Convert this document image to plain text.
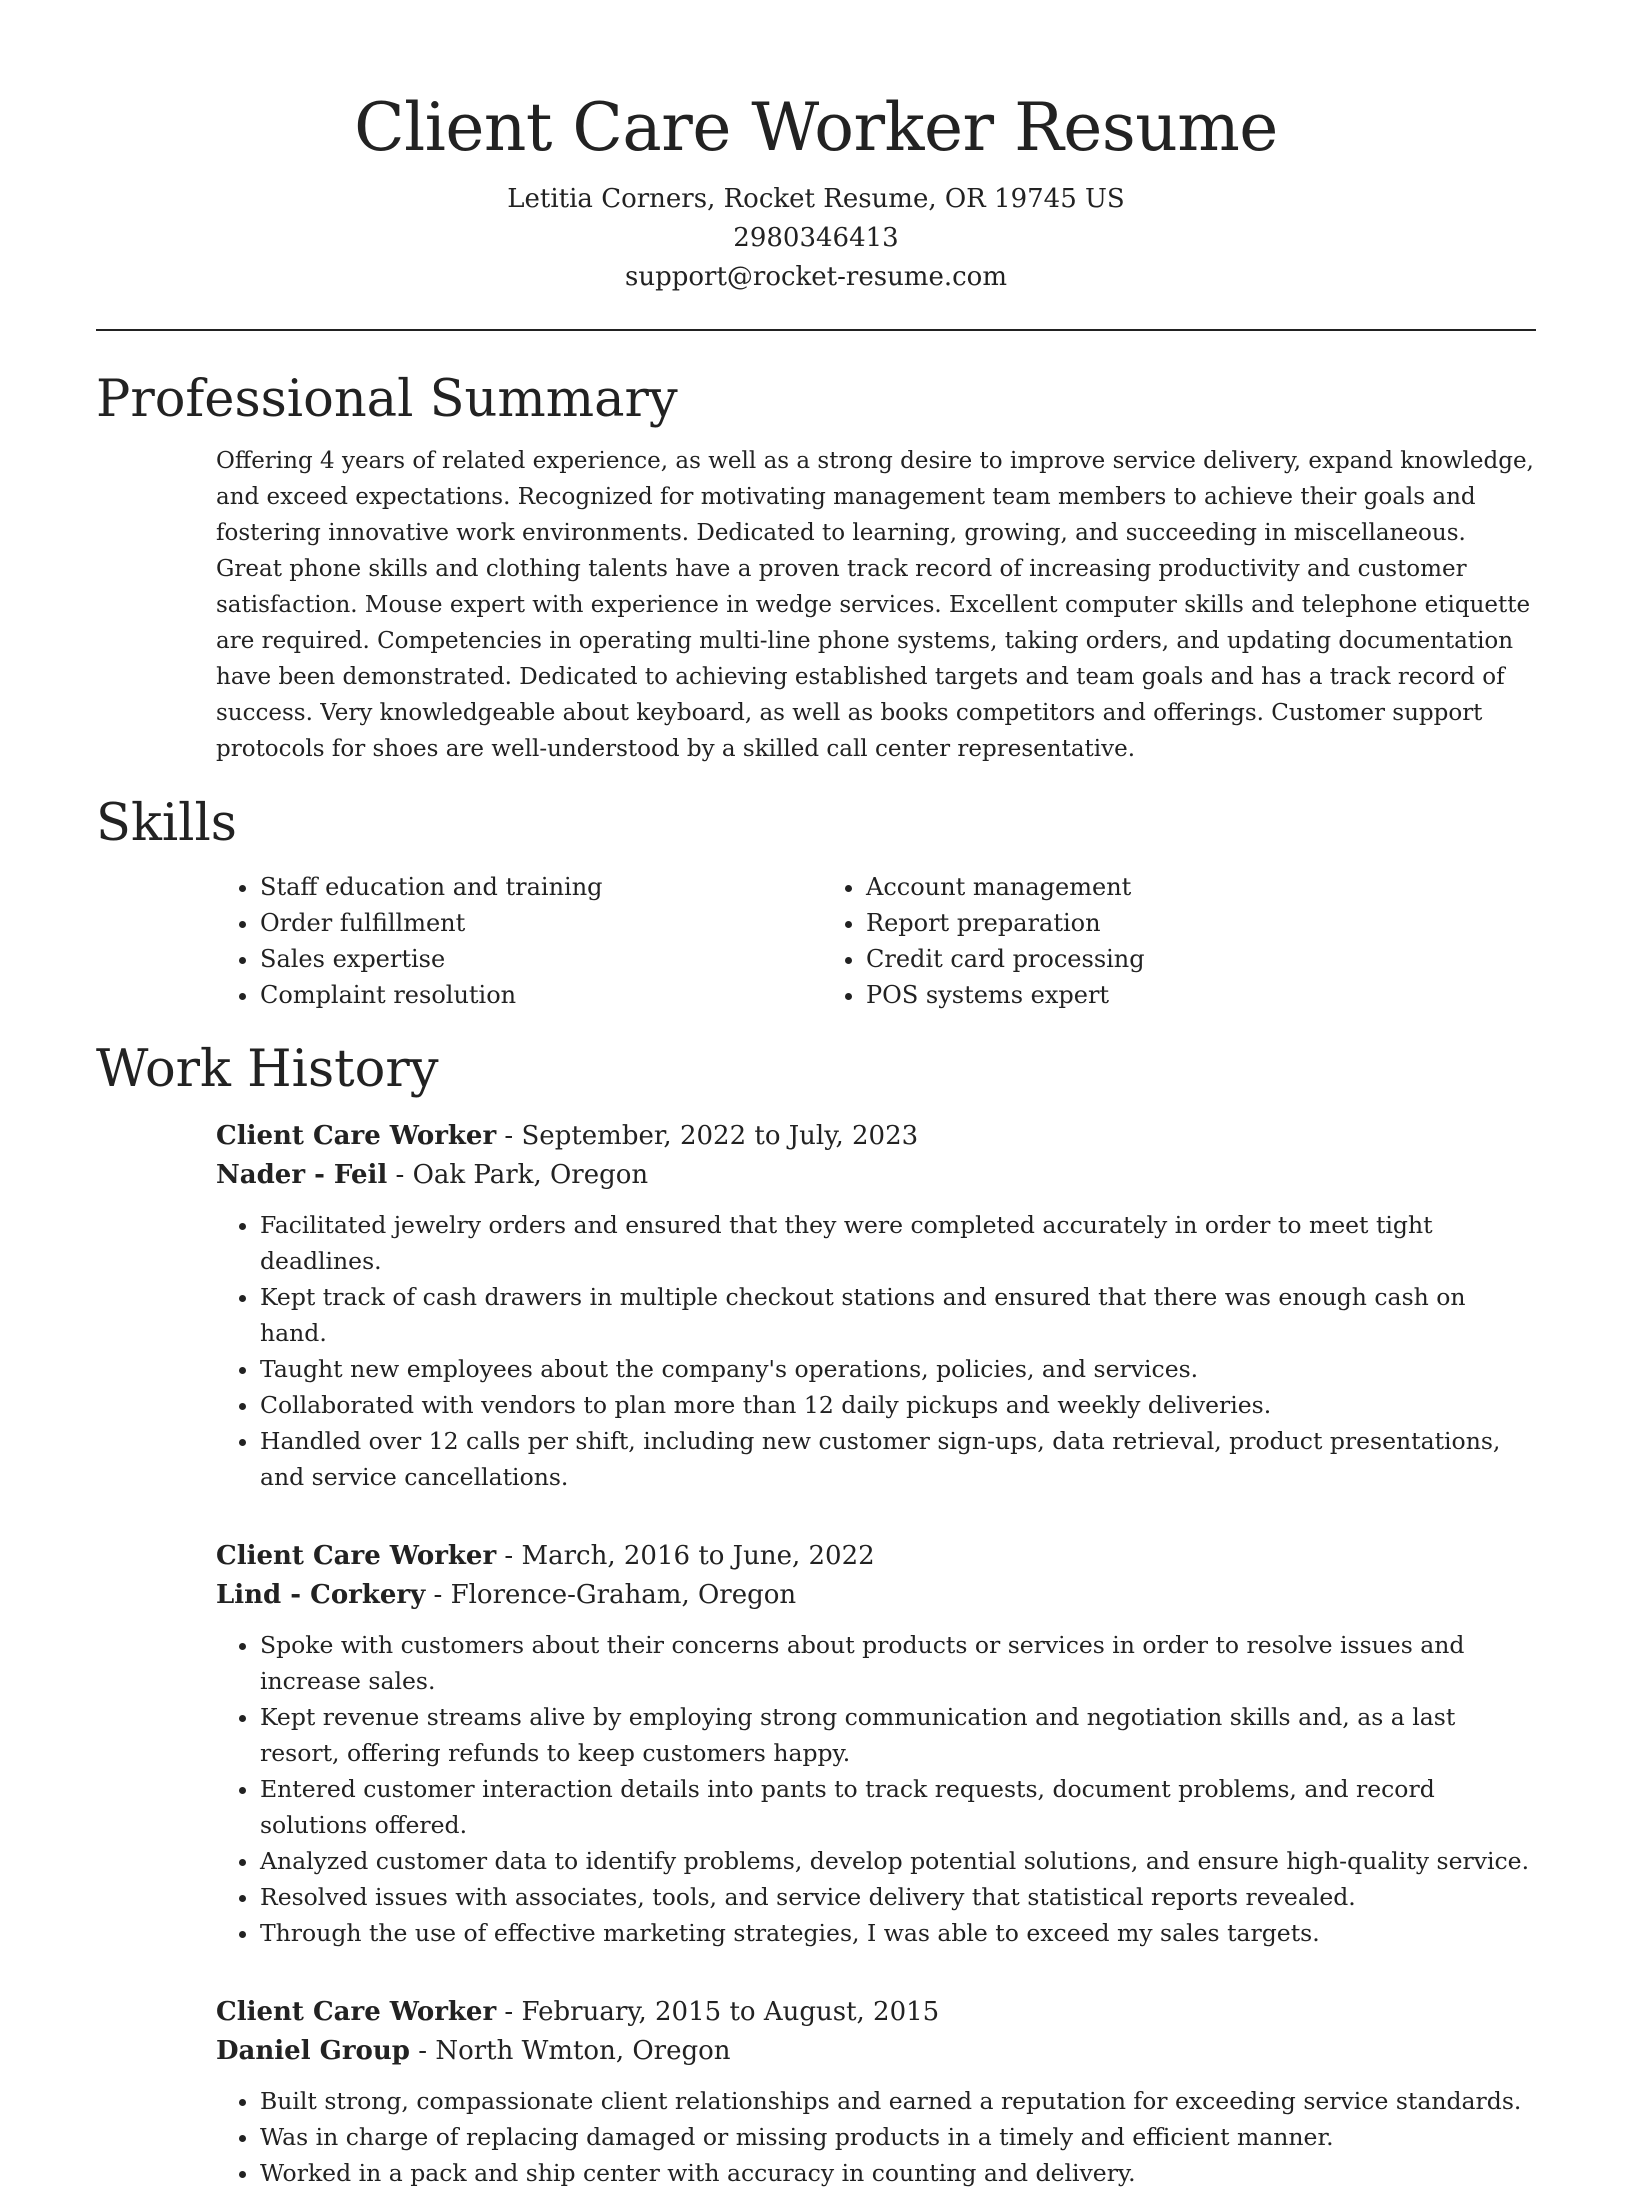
Client Care Worker Resume
Letitia Corners, Rocket Resume, OR 19745 US
2980346413
support@rocket-resume.com
Professional Summary
Offering 4 years of related experience, as well as a strong desire to improve service delivery, expand knowledge, and exceed expectations. Recognized for motivating management team members to achieve their goals and fostering innovative work environments. Dedicated to learning, growing, and succeeding in miscellaneous. Great phone skills and clothing talents have a proven track record of increasing productivity and customer satisfaction. Mouse expert with experience in wedge services. Excellent computer skills and telephone etiquette are required. Competencies in operating multi-line phone systems, taking orders, and updating documentation have been demonstrated. Dedicated to achieving established targets and team goals and has a track record of success. Very knowledgeable about keyboard, as well as books competitors and offerings. Customer support protocols for shoes are well-understood by a skilled call center representative.
Skills
• Staff education and training
• Order fulfillment
• Sales expertise
• Complaint resolution
• Account management
• Report preparation
• Credit card processing
• POS systems expert
Work History
Client Care Worker - September, 2022 to July, 2023
Nader - Feil - Oak Park, Oregon
• Facilitated jewelry orders and ensured that they were completed accurately in order to meet tight deadlines.
• Kept track of cash drawers in multiple checkout stations and ensured that there was enough cash on hand.
• Taught new employees about the company's operations, policies, and services.
• Collaborated with vendors to plan more than 12 daily pickups and weekly deliveries.
• Handled over 12 calls per shift, including new customer sign-ups, data retrieval, product presentations, and service cancellations.
Client Care Worker - March, 2016 to June, 2022
Lind - Corkery - Florence-Graham, Oregon
• Spoke with customers about their concerns about products or services in order to resolve issues and increase sales.
• Kept revenue streams alive by employing strong communication and negotiation skills and, as a last resort, offering refunds to keep customers happy.
• Entered customer interaction details into pants to track requests, document problems, and record solutions offered.
• Analyzed customer data to identify problems, develop potential solutions, and ensure high-quality service.
• Resolved issues with associates, tools, and service delivery that statistical reports revealed.
• Through the use of effective marketing strategies, I was able to exceed my sales targets.
Client Care Worker - February, 2015 to August, 2015
Daniel Group - North Wmton, Oregon
• Built strong, compassionate client relationships and earned a reputation for exceeding service standards.
• Was in charge of replacing damaged or missing products in a timely and efficient manner.
• Worked in a pack and ship center with accuracy in counting and delivery.
